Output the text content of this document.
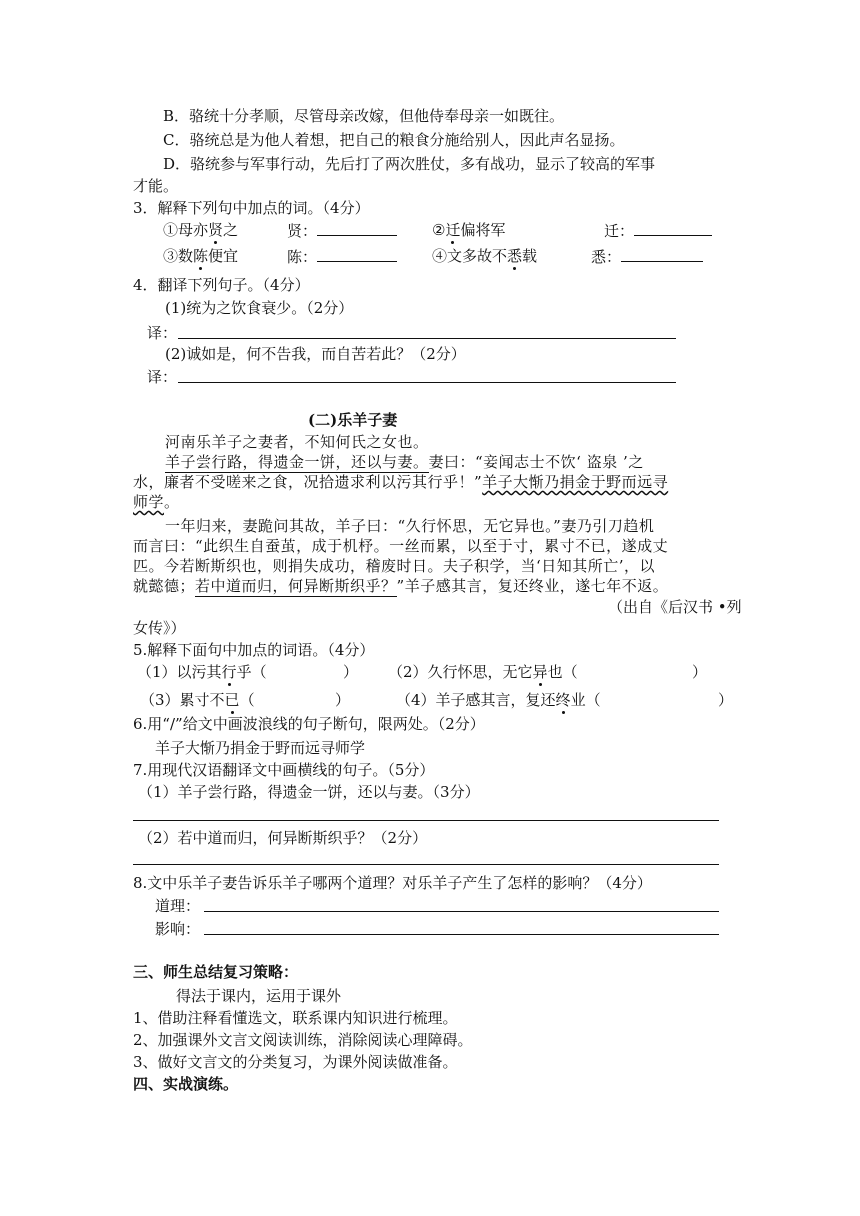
B．骆统十分孝顺，尽管母亲改嫁，但他侍奉母亲一如既往。
C．骆统总是为他人着想，把自己的粮食分施给别人，因此声名显扬。
D．骆统参与军事行动，先后打了两次胜仗，多有战功，显示了较高的军事
才能。
3．解释下列句中加点的词。（4分）
①母亦贤之	贤：	②迁偏将军	迁：
③数陈便宜	陈：	④文多故不悉载	悉：
4．翻译下列句子。（4分）
(1)统为之饮食衰少。（2分）
译：
(2)诚如是，何不告我，而自苦若此？（2分）
译：
(二)乐羊子妻
河南乐羊子之妻者，不知何氏之女也。
羊子尝行路，得遗金一饼，还以与妻。妻曰：“妾闻志士不饮‘ 盗泉 ’之
水，廉者不受嗟来之食，况拾遗求利以污其行乎！”羊子大惭乃捐金于野而远寻
师学。
一年归来，妻跪问其故，羊子曰：“久行怀思，无它异也。”妻乃引刀趋机
而言曰：“此织生自蚕茧，成于机杼。一丝而累，以至于寸，累寸不已，遂成丈
匹。今若断斯织也，则捐失成功，稽废时日。夫子积学，当‘日知其所亡’，以
就懿德；若中道而归，何异断斯织乎？”羊子感其言，复还终业，遂七年不返。
（出自《后汉书 •列
女传》）
5.解释下面句中加点的词语。（4分）
（1）以污其行乎（	） （2）久行怀思，无它异也（	）
（3）累寸不已（	）	（4）羊子感其言，复还终业（	）
6.用“/”给文中画波浪线的句子断句，限两处。（2分）
羊子大惭乃捐金于野而远寻师学
7.用现代汉语翻译文中画横线的句子。（5分）
（1）羊子尝行路，得遗金一饼，还以与妻。（3分）
（2）若中道而归，何异断斯织乎？（2分）
8.文中乐羊子妻告诉乐羊子哪两个道理？对乐羊子产生了怎样的影响？（4分）
道理：
影响：
三、师生总结复习策略：
得法于课内，运用于课外
1、借助注释看懂选文，联系课内知识进行梳理。
2、加强课外文言文阅读训练，消除阅读心理障碍。
3、做好文言文的分类复习，为课外阅读做准备。
四、实战演练。
